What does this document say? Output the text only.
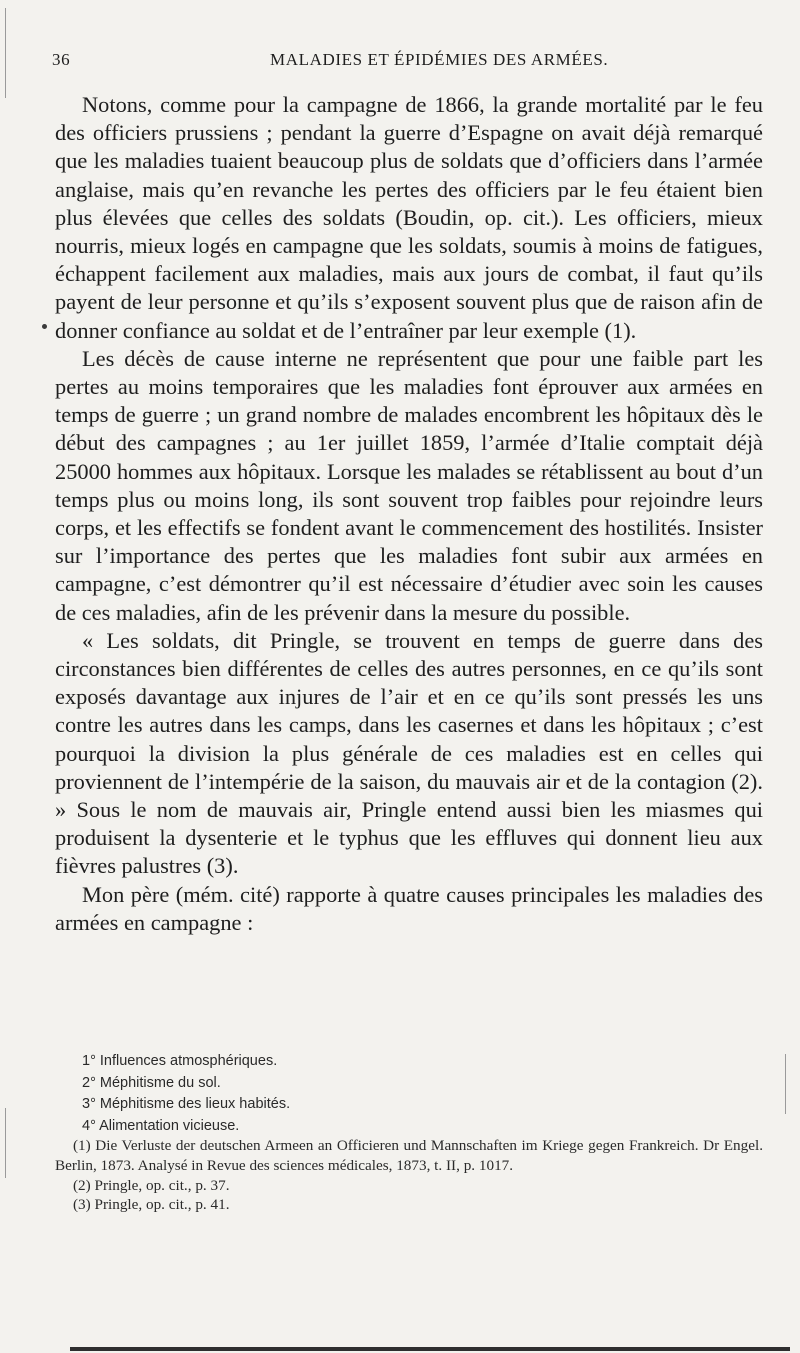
36	MALADIES ET ÉPIDÉMIES DES ARMÉES.

Notons, comme pour la campagne de 1866, la grande mortalité par le feu des officiers prussiens ; pendant la guerre d’Espagne on avait déjà remarqué que les maladies tuaient beaucoup plus de soldats que d’officiers dans l’armée anglaise, mais qu’en revanche les pertes des officiers par le feu étaient bien plus élevées que celles des soldats (Boudin, op. cit.). Les officiers, mieux nourris, mieux logés en campagne que les soldats, soumis à moins de fatigues, échappent facilement aux maladies, mais aux jours de combat, il faut qu’ils payent de leur personne et qu’ils s’exposent souvent plus que de raison afin de donner confiance au soldat et de l’entraîner par leur exemple (1).

Les décès de cause interne ne représentent que pour une faible part les pertes au moins temporaires que les maladies font éprouver aux armées en temps de guerre ; un grand nombre de malades encombrent les hôpitaux dès le début des campagnes ; au 1er juillet 1859, l’armée d’Italie comptait déjà 25000 hommes aux hôpitaux. Lorsque les malades se rétablissent au bout d’un temps plus ou moins long, ils sont souvent trop faibles pour rejoindre leurs corps, et les effectifs se fondent avant le commencement des hostilités. Insister sur l’importance des pertes que les maladies font subir aux armées en campagne, c’est démontrer qu’il est nécessaire d’étudier avec soin les causes de ces maladies, afin de les prévenir dans la mesure du possible.

« Les soldats, dit Pringle, se trouvent en temps de guerre dans des circonstances bien différentes de celles des autres personnes, en ce qu’ils sont exposés davantage aux injures de l’air et en ce qu’ils sont pressés les uns contre les autres dans les camps, dans les casernes et dans les hôpitaux ; c’est pourquoi la division la plus générale de ces maladies est en celles qui proviennent de l’intempérie de la saison, du mauvais air et de la contagion (2). » Sous le nom de mauvais air, Pringle entend aussi bien les miasmes qui produisent la dysenterie et le typhus que les effluves qui donnent lieu aux fièvres palustres (3).

Mon père (mém. cité) rapporte à quatre causes principales les maladies des armées en campagne :

1° Influences atmosphériques.
2° Méphitisme du sol.
3° Méphitisme des lieux habités.
4° Alimentation vicieuse.

(1) Die Verluste der deutschen Armeen an Officieren und Mannschaften im Kriege gegen Frankreich. Dr Engel. Berlin, 1873. Analysé in Revue des sciences médicales, 1873, t. II, p. 1017.

(2) Pringle, op. cit., p. 37.

(3) Pringle, op. cit., p. 41.
